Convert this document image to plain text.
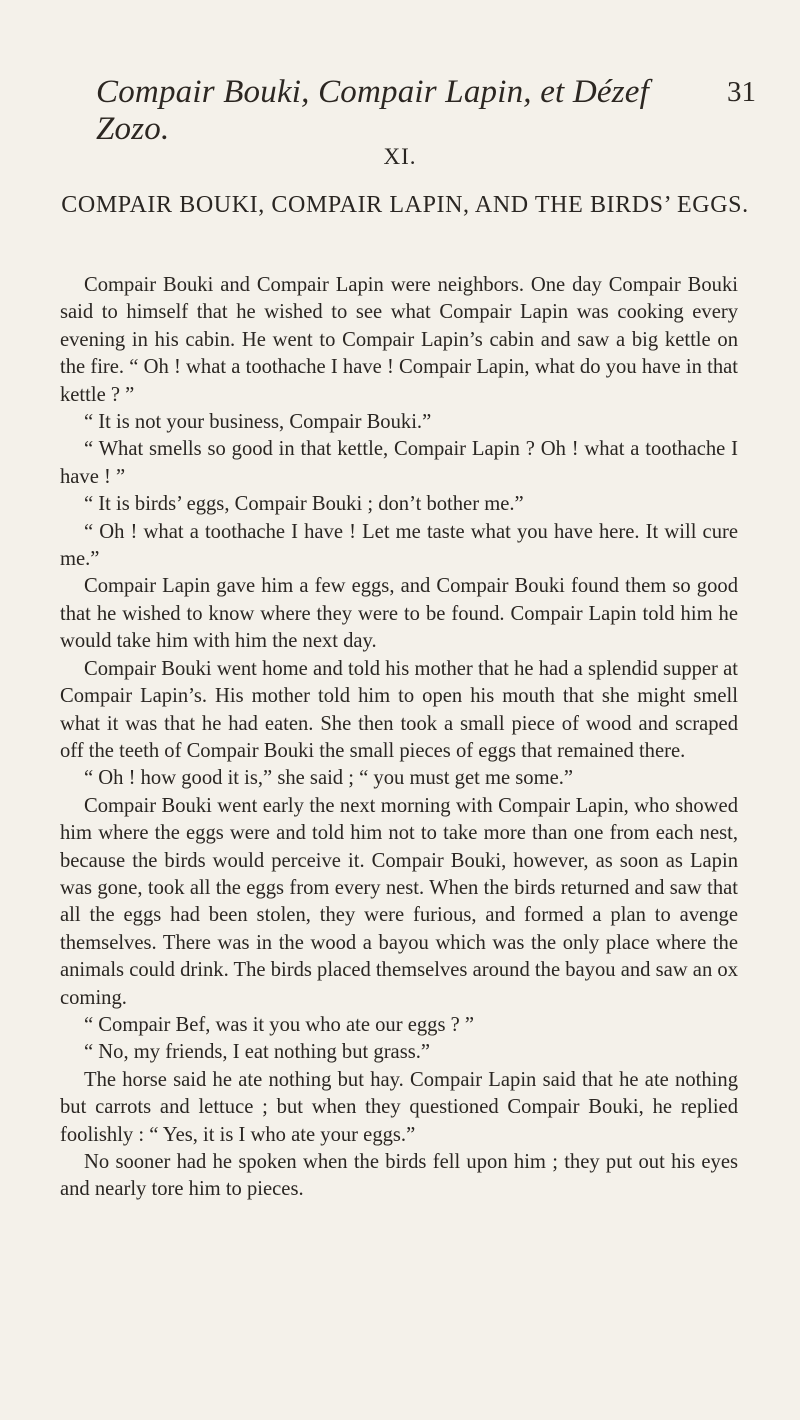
Compair Bouki, Compair Lapin, et Dézef Zozo.
31
XI.
COMPAIR BOUKI, COMPAIR LAPIN, AND THE BIRDS’ EGGS.

Compair Bouki and Compair Lapin were neighbors. One day Compair Bouki said to himself that he wished to see what Compair Lapin was cooking every evening in his cabin. He went to Compair Lapin’s cabin and saw a big kettle on the fire. “ Oh ! what a toothache I have ! Compair Lapin, what do you have in that kettle ? ”

“ It is not your business, Compair Bouki.”

“ What smells so good in that kettle, Compair Lapin ? Oh ! what a toothache I have ! ”

“ It is birds’ eggs, Compair Bouki ; don’t bother me.”

“ Oh ! what a toothache I have ! Let me taste what you have here. It will cure me.”

Compair Lapin gave him a few eggs, and Compair Bouki found them so good that he wished to know where they were to be found. Compair Lapin told him he would take him with him the next day.

Compair Bouki went home and told his mother that he had a splendid supper at Compair Lapin’s. His mother told him to open his mouth that she might smell what it was that he had eaten. She then took a small piece of wood and scraped off the teeth of Compair Bouki the small pieces of eggs that remained there.

“ Oh ! how good it is,” she said ; “ you must get me some.”

Compair Bouki went early the next morning with Compair Lapin, who showed him where the eggs were and told him not to take more than one from each nest, because the birds would perceive it. Compair Bouki, however, as soon as Lapin was gone, took all the eggs from every nest. When the birds returned and saw that all the eggs had been stolen, they were furious, and formed a plan to avenge themselves. There was in the wood a bayou which was the only place where the animals could drink. The birds placed themselves around the bayou and saw an ox coming.

“ Compair Bef, was it you who ate our eggs ? ”

“ No, my friends, I eat nothing but grass.”

The horse said he ate nothing but hay. Compair Lapin said that he ate nothing but carrots and lettuce ; but when they questioned Compair Bouki, he replied foolishly : “ Yes, it is I who ate your eggs.”

No sooner had he spoken when the birds fell upon him ; they put out his eyes and nearly tore him to pieces.
